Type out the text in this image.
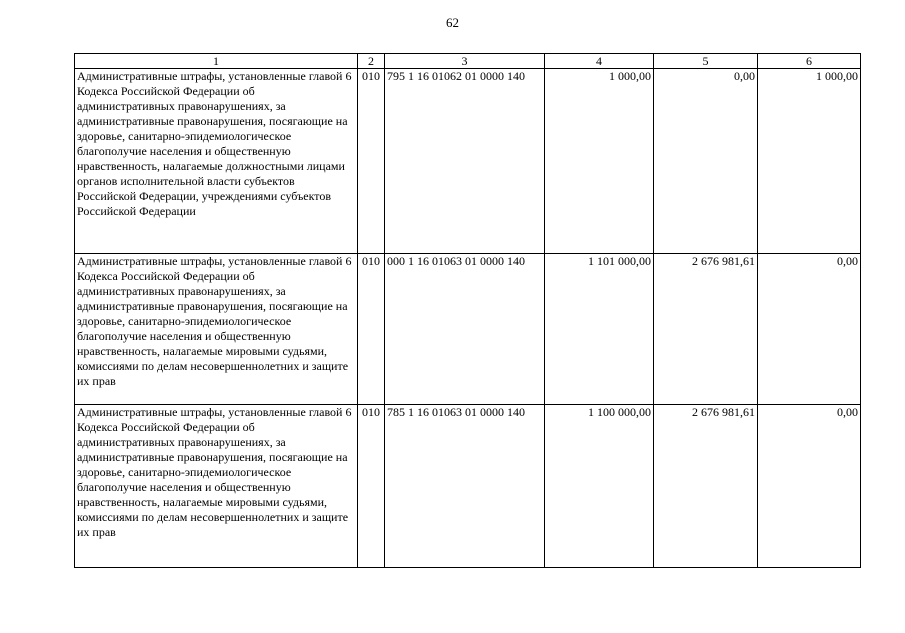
62
1	2	3	4	5	6
Административные штрафы, установленные главой 6 Кодекса Российской Федерации об административных правонарушениях, за административные правонарушения, посягающие на здоровье, санитарно-эпидемиологическое благополучие населения и общественную нравственность, налагаемые должностными лицами органов исполнительной власти субъектов Российской Федерации, учреждениями субъектов Российской Федерации	010	795 1 16 01062 01 0000 140	1 000,00	0,00	1 000,00
Административные штрафы, установленные главой 6 Кодекса Российской Федерации об административных правонарушениях, за административные правонарушения, посягающие на здоровье, санитарно-эпидемиологическое благополучие населения и общественную нравственность, налагаемые мировыми судьями, комиссиями по делам несовершеннолетних и защите их прав	010	000 1 16 01063 01 0000 140	1 101 000,00	2 676 981,61	0,00
Административные штрафы, установленные главой 6 Кодекса Российской Федерации об административных правонарушениях, за административные правонарушения, посягающие на здоровье, санитарно-эпидемиологическое благополучие населения и общественную нравственность, налагаемые мировыми судьями, комиссиями по делам несовершеннолетних и защите их прав	010	785 1 16 01063 01 0000 140	1 100 000,00	2 676 981,61	0,00
